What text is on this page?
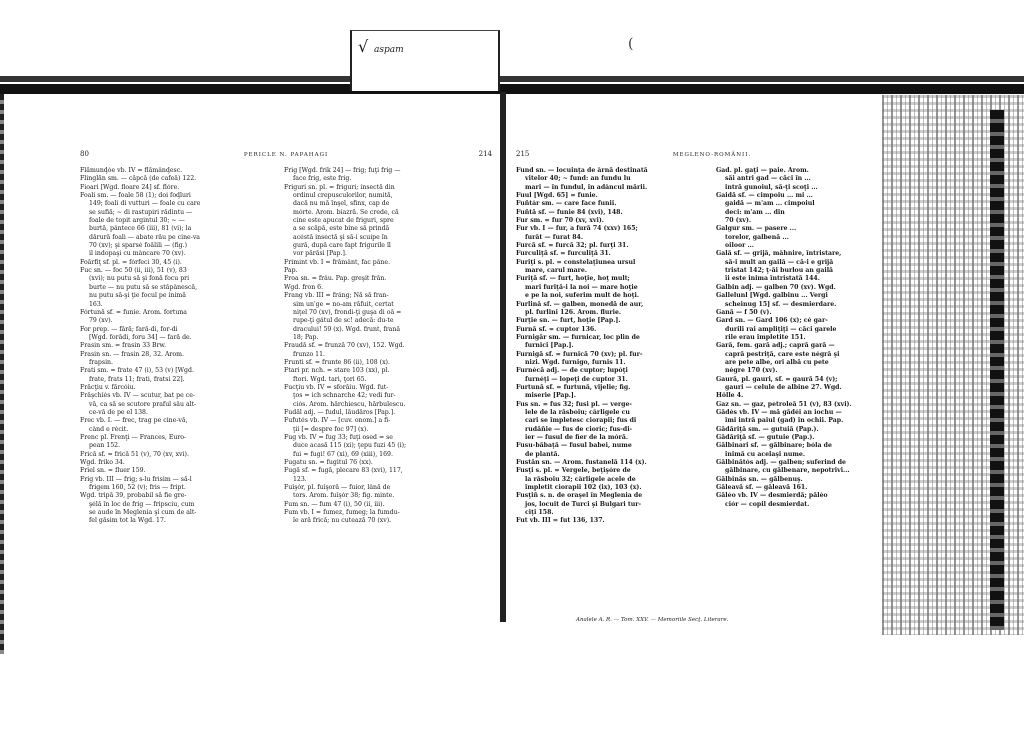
√ aspam	(
80	PERICLE N. PAPAHAGI	214
Flămunḑóe vb. IV = flămânḑesc.
Flinglăn sm. — căpcă (de cafeă) 122.
Fioari [Wgd. floare 24] sf. flóre.
Foali sm. — foale 58 (1); doi foḑluri
149; foali di vutturi — foale cu care
se sufiă; ~ di rastupiri rădintu —
foale de topit argintul 30; ~ —
burtă, pântece 66 (iii), 81 (vi); la
dărură foali — abate rău pe cine-va
70 (xv); şi sparsé foălili — (fig.)
il indopaşi cu mâncare 70 (xv).
Foărfiţ sf. pl. = fórfeci 30, 45 (i).
Fuc sn. — foc 50 (ii, iii), 51 (v), 83
(xvi); nu putu să şi fonă focu pri
burte — nu putu să se stăpânescă,
nu putu să-şi ţie focul pe inimă
163.
Fórtună sf. = funie. Arom. fortuna
79 (xv).
For prep. — fără; fară-di, for-di
[Wgd. forădi, foru 34] — fară de.
Frasin sm. = frasin 33 Brw.
Frasin sn. — frasin 28, 32. Arom.
frapsin.
Frati sm. = frate 47 (i), 53 (v) [Wgd.
frate, frats 11; frati, fratsi 22].
Frăcţiu v. fărcóiu.
Frăşchĭés vb. IV — scutur, bat pe ce-
vă, ca să se scutore praful său alt-
ce-vă de pe el 138.
Frec vb. I. — frec, trag pe cine-vă,
când e récit.
Frenc pl. Frenţi — Frances, Euro-
pean 152.
Frică sf. = frică 51 (v), 70 (xv, xvi).
Wgd. friko 34.
Friel sn. = fluer 159.
Frig vb. III — frig; s-lu frisim — să-l
frigem 160, 52 (v); fris — fript.
Wgd. tripă 39, probabil să fie gre-
şélă în loc de frig — fripsciu, cum
se aude în Meglenia şi cum de alt-
fel găsim tot la Wgd. 17.
Frig [Wgd. frik 24] — frig; fuţi frig —
face frig, este frig.
Friguri sn. pl. = friguri; insectă din
ordinul crepusculorilor, numită,
dacă nu mă înşel, sfinx, cap de
mórte. Arom. biazră. Se crede, că
cine este apucat de friguri, spre
a se scăpă, este bine să prindă
acéstă insectă şi să-i scuipe în
gură, după care fapt frigurile îl
vor părăsi [Pap.].
Frimint vb. I = frământ, fac pâne.
Pap.
Froa sn. = frâu. Pap. greşit frăn.
Wgd. fron 6.
Frang vb. III = frâng; Nă să fran-
sim un'ge = no-am răfuit, certat
niţel 70 (xv), frondi-ţi guşa di oă =
rupe-ţi gâtul de sc! adecă: du-te
dracului! 59 (x). Wgd. frunt, frană
18; Pap.
Fraudă sf. = frunză 70 (xv), 152. Wgd.
frunzo 11.
Frunti sf. = frunte 86 (ii), 108 (x).
Ftari pr. nch. = stare 103 (xx), pl.
ftori. Wgd. tari, ţori 65.
Fucţiu vb. IV = sforăiu. Wgd. fut-
ţos = ich schnarche 42; vedi fur-
ciós. Arom. hărchiescu, hărbulescu.
Fudăl adj. — fudul, lăudăros [Pap.].
Fufutés vb. IV — [cuv. onom.] a fi-
ţii [= despre foc 97] (x).
Fug vb. IV = fug 33; fuţi osed = se
duce acasă 115 (xi); ţepu fuzi 45 (i);
fui = fugi! 67 (xi), 69 (xiii), 169.
Fugatu sn. = fugitul 76 (xx).
Fugă sf. = fugă, plecare 83 (xvi), 117,
123.
Fuĭşór, pl. fuĭşoră — fuior, lână de
tors. Arom. fuĭşór 38; fig. minte.
Fum sn. — fum 47 (i), 50 (ii, iii).
Fum vb. I = fumez, fumeg; la fumdu-
le ară frică; nu cutează 70 (xv).
215	MEGLENO-ROMÂNII.
Fund sn. — locuinţa de ârnă destinată
vitelor 40; ~ fund: an fundu lu
mari — în fundul, în adâncul mării.
Fuul [Wgd. 65] = funie.
Fuñtár sm. — care face funii.
Fuñtă sf. — funie 84 (xvi), 148.
Fur sm. = fur 70 (xv, xvi).
Fur vb. I — fur, a fură 74 (xxv) 165;
furăt — furat 84.
Furcă sf. = furcă 32; pl. furţi 31.
Furculiţă sf. = furculiţă 31.
Furiţi s. pl. = constelaţiunea ursul
mare, carul mare.
Furiţă sf. — furt, hoţie, hoţ mult;
mari furiţă-i la noi — mare hoţie
e pe la noi, suferim mult de hoţi.
Furlină sf. — galben, monedă de aur,
pl. furlini 126. Arom. flurie.
Furţie sn. — furt, hoţie [Pap.].
Furnă sf. = cuptor 136.
Furnigăr sm. — furnicar, loc plin de
furnici [Pap.].
Furnigă sf. = furnică 70 (xv); pl. fur-
nizi. Wgd. furnigo, furnis 11.
Furnécă adj. — de cuptor; lupóţi
furnéţi — lopeţi de cuptor 31.
Furtună sf. = furtună, vijelie; fig.
miserie [Pap.].
Fus sn. = fus 32; fusi pl. — verge-
lele de la răsboiu; cârligele cu
cari se împletesc ciorapii; fus di
rudăñie — fus de cioric; fus-di-
ier — fusul de fier de la móră.
Fusu-băbaţă — fusul babei, nume
de plantă.
Fustăn sn. — Arom. fustanelă 114 (x).
Fusţi s. pl. = Vergele, beţişóre de
la răsboiu 32; cârligele acele de
împletit ciorapii 102 (ix), 103 (x).
Fusţiñ s. n. de oraşel în Meglenia de
jos, locuit de Turci şi Bulgari tur-
ciţi 158.
Fut vb. III = fut 136, 137.
Gad. pl. gaţi — paie. Arom.
săi antri gad — căci în ...
intră gunoiul, să-ţi scoţi ...
Gaidă sf. — cimpoiu ... mi ...
gaidă — m'am ... cimpoiul
deci: m'am ... din
70 (xv).
Galgur sm. — pasere ...
torelor, galbenă ...
oiloor ...
Gală sf. — grijă, mâhnire, întristare,
să-i mult an gailă — că-i e grijă
tristat 142; ţ-ăi burlou an gailă
îi este inima întristată 144.
Galbin adj. — galben 70 (xv). Wgd.
Gallelunl [Wgd. galbinu ... Vergi
scheinug 15] sf. — desmierdare.
Gană — f 50 (v).
Gard sn. — Gard 106 (x); cé gar-
durili rai ampliţiţi — căci garele
rile erau împletite 151.
Gară, fem. gară adj.; capră gară —
capră pestriţă, care este négră şi
are pete albe, ori albă cu pete
négre 170 (xv).
Gaură, pl. gauri, sf. = gaură 54 (v);
gauri — celule de albine 27. Wgd.
Hölle 4.
Gaz sn. — gaz, petroleă 51 (v), 83 (xvi).
Gădés vb. IV — mă gădéi an iochu —
îmi intră paiul (gad) în ochii. Pap.
Gădăriţă sm. — gutuiă (Pap.).
Gădăriţă sf. — gutuie (Pap.).
Gălbinari sf. — gălbinare; bóla de
inimă cu acelaşi nume.
Gălbinătós adj. — galben; suferind de
gălbinare, cu gălbenare, nepotrivi...
Gălbinăs sn. — gălbenuş.
Găleavă sf. — găleavă 161.
Găléo vb. IV — desmierdă; păléo
ciór — copil desmierdat.
Analele A. R. — Tom. XXV. — Memoriile Secţ. Literare.
